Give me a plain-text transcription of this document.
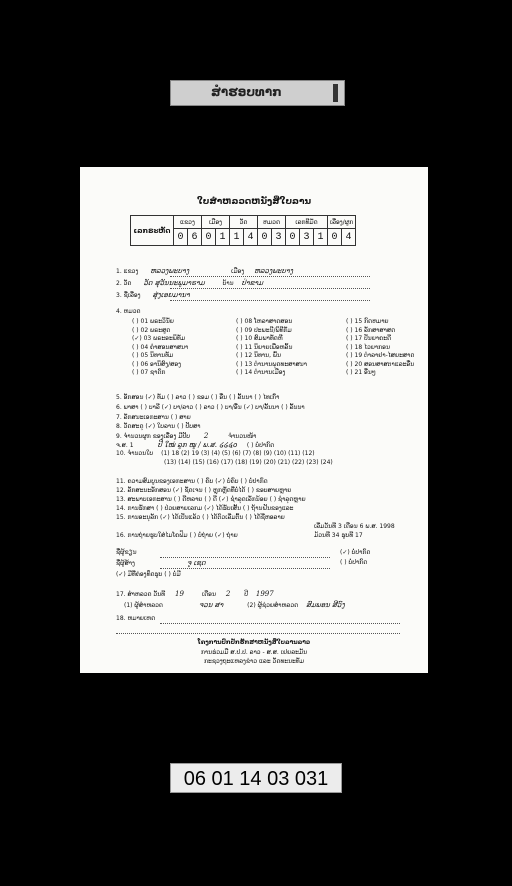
ສຳຮອບທາກ
ໃບສຳຫລວດຫນັງສືໃບລານ
ເລກຣະຫັດ	ແຂວງ		ເມືອງ		ວັດ		ຫມວດ		ເລກທີມັດ			ເລື່ອງ/ຜູກ	
	0	6	0	1	1	4	0	3	0	3	1	0	4
1. ແຂວງ ຫລວງພະບາງ	ເມືອງ ຫລວງພະບາງ
2. ວັດ ວັດ ສຸວັນນະພູມາຣາມ	ບ້ານ ປ່າຂາມ
3. ຊື່ເລື່ອງ ສຸ່ງເອຍມານາ
4. ຫມວດ
( ) 01 ພຣະວິນັຍ
( ) 02 ພຣະສູດ
(✓) 03 ພຣະອະພິທັມ
( ) 04 ຄຳສອນສາສນາ
( ) 05 ນິທານທັມ
( ) 06 ອານິສົງ/ສອງ
( ) 07 ຊາດົກ
( ) 08 ໂຫລາສາດສອນ
( ) 09 ປະພະນີ/ພິທີກັມ
( ) 10 ສົມພາທັດຫີ
( ) 11 ນິຍາຍເພື່ອຫລິ້ນ
( ) 12 ນິທານ, ພົ້ນ
( ) 13 ຕຳນານພຸດທະສາສນາ
( ) 14 ຕຳນານເມືອງ
( ) 15 ກົດຫມາຍ
( ) 16 ລັກສາສາສດ
( ) 17 ປັນຍາຄະດີ
( ) 18 ໄວຍາກອນ
( ) 19 ຕຳລາຢາ-ໄສຍະສາດ
( ) 20 ສອນສາສຕາແລະອື່ນ
( ) 21 ອື່ນໆ
5. ອັກສອນ (✓) ທັມ ( ) ລາວ ( ) ຂອມ ( ) ອື່ນ ( ) ລັ້ນນາ ( ) ໄທເກົ່າ
6. ພາສາ ( ) ບາລີ (✓) ບາ/ລາວ ( ) ລາວ ( ) ບາ/ອື່ນ (✓) ບາ/ລັ້ນນາ ( ) ລັ້ນນາ
7. ລັກສນະເອກະສານ ( ) ສາຍ
8. ວັດສະດຸ (✓) ໃບລານ ( ) ປັບສາ
9. ຈຳນວນຜູກ ຂອງເລື່ອງ ມີປັບ 2	ຈຳນວນໜ້າ
ຈ.ສ. 1	ປີ ໃໝ່ ລູກ ໝູ / ພ.ສ. ໒໒໔໐ ( ) ບໍ່ປາກົດ
10. ຈຳນວນໃບ (1) 18 (2) 19 (3) (4) (5) (6) (7) (8) (9) (10) (11) (12)
(13) (14) (15) (16) (17) (18) (19) (20) (21) (22) (23) (24)
11. ຄວາມສົມບູນຂອງເອກະສານ ( ) ຄົບ (✓) ບໍ່ຄົບ ( ) ບໍ່ປາກົດ
12. ລັກສະນະອັກສອນ (✓) ຊັດເຈນ ( ) ຫຼຸກຫຼັດທີ່ບໍ່ໄດ້ ( ) ຂອບສາຍຫຼາຍ
13. ສະພາບເອກະສານ ( ) ດີຫລາຍ ( ) ດີ (✓) ຊຳລຸດເລັກນ້ອຍ ( ) ຊຳລຸດຫຼາຍ
14. ການຮັກສາ ( ) ປ່ວຍສາຍເລກມ (✓) ໄດ້ຮັບເສັ້ນ ( ) ຖ້ານຝັນຂອງແລະ
15. ການອະນຸລັກ (✓) ໄດ້ເປັນແລ້ວ ( ) ໄດ້ຕົວເລີ່ມຕົ້ນ ( ) ໄດ້ຊີ່ຫອລາຍ
ເລີ່ມວັນທີ 3 ເດືອນ 6 ພ.ສ. 1998
16. ການຖ່າຍຮູບໃສ່ໄມໂຄຟິມ ( ) ບໍ່ຖ່າຍ (✓) ຖ່າຍ	ມ້ວນທີ 34 ຮູບທີ 17
ຊື່ຜູ້ຂຽນ	(✓) ບໍ່ປາກົດ
ຊື່ຜູ້ສ້າງ	ຈູ ເຊດ	( ) ບໍ່ປາກົດ
(✓) ມີທີ່ຄ່ອງທຶດຮູບ ( ) ບໍ່ມີ
17. ສຳຫລວດ ວັນທີ 19	ເດືອນ 2 ປີ 1997
(1) ຜູ້ສຳຫລວດ	ຈວນ ສາ	(2) ຜູ້ຊ່ວຍສຳຫລວດ ສົມພອນ ສີວົງ
18. ຫມາຍເຫດ
ໂຄງການປົກປັກຮັກສາຫນັງສືໃບລານລາວ
ການຮ່ວມມື ສ.ປ.ປ. ລາວ - ສ.ສ. ເຢຍລະມັນ
ກະຊວງຖະແຫລງຂ່າວ ແລະ ວັດທະນະທັມ
06 01 14 03 031 04
